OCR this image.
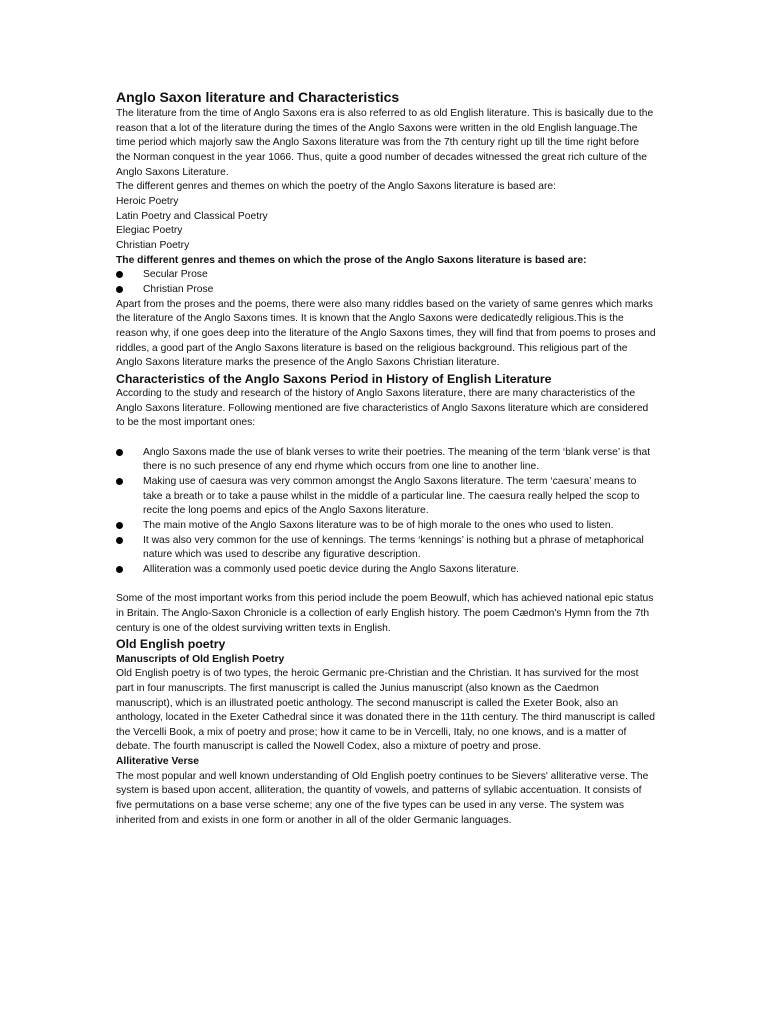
Anglo Saxon literature and Characteristics

The literature from the time of Anglo Saxons era is also referred to as old English literature. This is basically due to the reason that a lot of the literature during the times of the Anglo Saxons were written in the old English language.The time period which majorly saw the Anglo Saxons literature was from the 7th century right up till the time right before the Norman conquest in the year 1066. Thus, quite a good number of decades witnessed the great rich culture of the Anglo Saxons Literature.

The different genres and themes on which the poetry of the Anglo Saxons literature is based are:

Heroic Poetry
Latin Poetry and Classical Poetry
Elegiac Poetry
Christian Poetry
The different genres and themes on which the prose of the Anglo Saxons literature is based are:
Secular Prose
Christian Prose

Apart from the proses and the poems, there were also many riddles based on the variety of same genres which marks the literature of the Anglo Saxons times. It is known that the Anglo Saxons were dedicatedly religious.This is the reason why, if one goes deep into the literature of the Anglo Saxons times, they will find that from poems to proses and riddles, a good part of the Anglo Saxons literature is based on the religious background. This religious part of the Anglo Saxons literature marks the presence of the Anglo Saxons Christian literature.

Characteristics of the Anglo Saxons Period in History of English Literature

According to the study and research of the history of Anglo Saxons literature, there are many characteristics of the Anglo Saxons literature. Following mentioned are five characteristics of Anglo Saxons literature which are considered to be the most important ones:

Anglo Saxons made the use of blank verses to write their poetries. The meaning of the term ‘blank verse’ is that there is no such presence of any end rhyme which occurs from one line to another line.
Making use of caesura was very common amongst the Anglo Saxons literature. The term ‘caesura’ means to take a breath or to take a pause whilst in the middle of a particular line. The caesura really helped the scop to recite the long poems and epics of the Anglo Saxons literature.
The main motive of the Anglo Saxons literature was to be of high morale to the ones who used to listen.
It was also very common for the use of kennings. The terms ‘kennings’ is nothing but a phrase of metaphorical nature which was used to describe any figurative description.
Alliteration was a commonly used poetic device during the Anglo Saxons literature.

Some of the most important works from this period include the poem Beowulf, which has achieved national epic status in Britain. The Anglo-Saxon Chronicle is a collection of early English history. The poem Cædmon's Hymn from the 7th century is one of the oldest surviving written texts in English.

Old English poetry
Manuscripts of Old English Poetry

Old English poetry is of two types, the heroic Germanic pre-Christian and the Christian. It has survived for the most part in four manuscripts. The first manuscript is called the Junius manuscript (also known as the Caedmon manuscript), which is an illustrated poetic anthology. The second manuscript is called the Exeter Book, also an anthology, located in the Exeter Cathedral since it was donated there in the 11th century. The third manuscript is called the Vercelli Book, a mix of poetry and prose; how it came to be in Vercelli, Italy, no one knows, and is a matter of debate. The fourth manuscript is called the Nowell Codex, also a mixture of poetry and prose.

Alliterative Verse

The most popular and well known understanding of Old English poetry continues to be Sievers' alliterative verse. The system is based upon accent, alliteration, the quantity of vowels, and patterns of syllabic accentuation. It consists of five permutations on a base verse scheme; any one of the five types can be used in any verse. The system was inherited from and exists in one form or another in all of the older Germanic languages.
